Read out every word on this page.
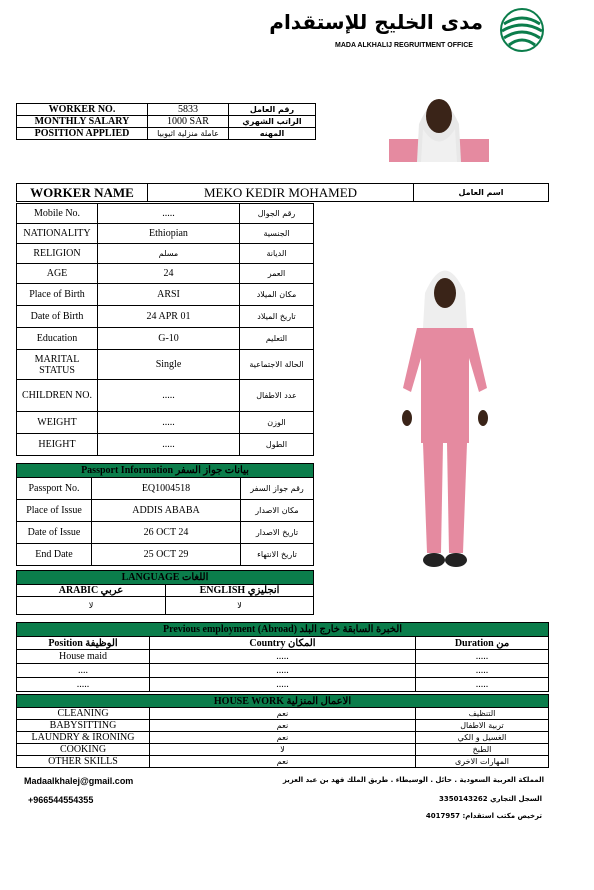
مدى الخليج للإستقدام
MADA ALKHALIJ REGRUITMENT OFFICE
WORKER NO.	5833	رقم العامل
MONTHLY SALARY	1000 SAR	الراتب الشهري
POSITION APPLIED	عاملة منزلية اثيوبيا	المهنه
WORKER NAME	MEKO KEDIR MOHAMED	اسم العامل
Mobile No.	.....	رقم الجوال
NATIONALITY	Ethiopian	الجنسية
RELIGION	مسلم	الديانة
AGE	24	العمر
Place of Birth	ARSI	مكان الميلاد
Date of Birth	24 APR 01	تاريخ الميلاد
Education	G-10	التعليم
MARITAL STATUS	Single	الحالة الاجتماعية
CHILDREN NO.	.....	عدد الاطفال
WEIGHT	.....	الوزن
HEIGHT	.....	الطول
Passport Information بيانات جواز السفر		
Passport No.	EQ1004518	رقم جواز السفر
Place of Issue	ADDIS ABABA	مكان الاصدار
Date of Issue	26 OCT 24	تاريخ الاصدار
End Date	25 OCT 29	تاريخ الانتهاء
LANGUAGE اللغات	
ARABIC عربي	ENGLISH انجليزي
لا	لا
Previous employment (Abroad) الخبرة السابقة خارج البلد		
Position الوظيفة	Country المكان	Duration من
House maid	.....	.....
....	.....	.....
.....	.....	.....
HOUSE WORK الاعمال المنزلية		
CLEANING	نعم	التنظيف
BABYSITTING	نعم	تربية الاطفال
LAUNDRY & IRONING	نعم	الغسيل و الكي
COOKING	لا	الطبخ
OTHER SKILLS	نعم	المهارات الاخرى
Madaalkhalej@gmail.com
+966544554355
المملكة العربية السعودية . حائل . الوسيطاء . طريق الملك فهد بن عبد العزيز
السجل التجاري 3350143262
ترخيص مكتب استقدام: 4017957
